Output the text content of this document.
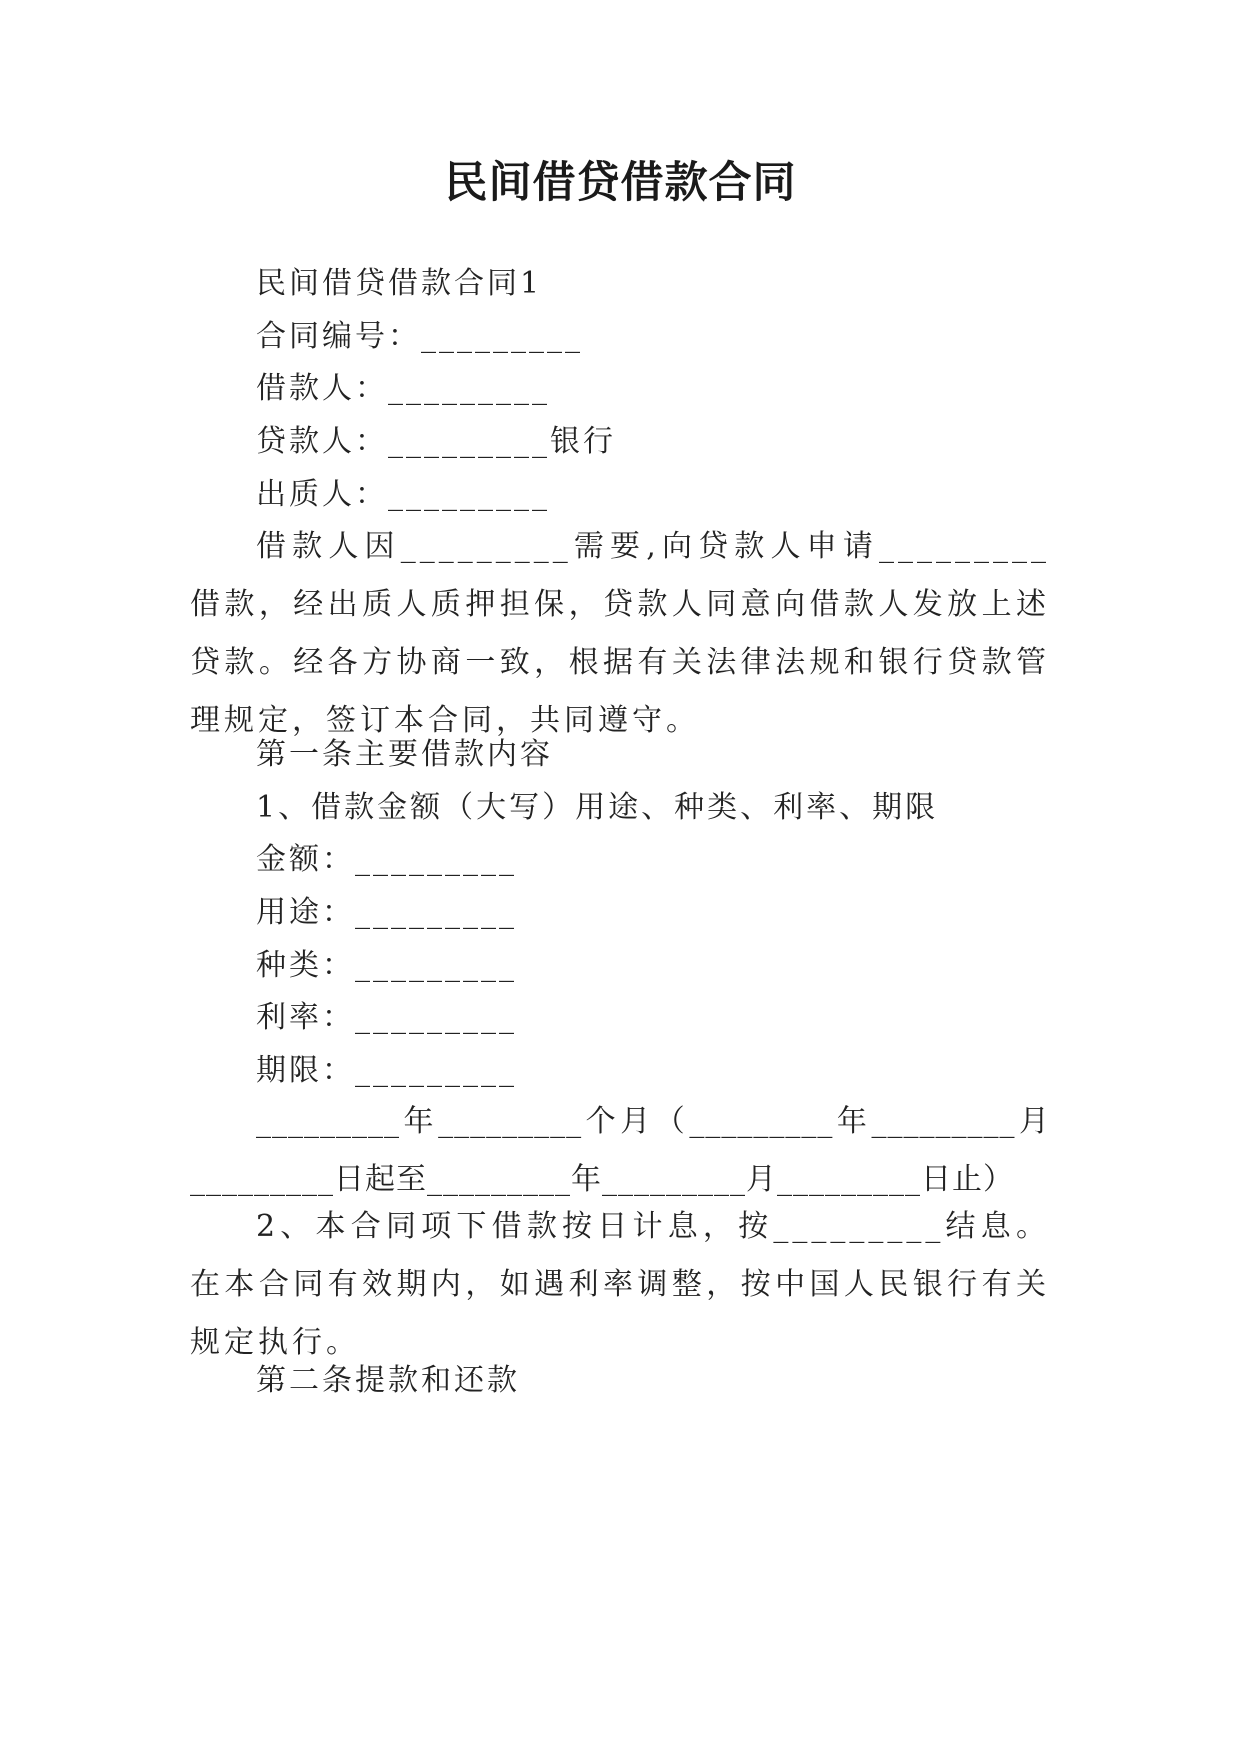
民间借贷借款合同
民间借贷借款合同1
合同编号：_________
借款人：_________
贷款人：_________银行
出质人：_________
借款人因_________需要,向贷款人申请_________借款，经出质人质押担保，贷款人同意向借款人发放上述贷款。经各方协商一致，根据有关法律法规和银行贷款管理规定，签订本合同，共同遵守。
第一条主要借款内容
1、借款金额（大写）用途、种类、利率、期限
金额：_________
用途：_________
种类：_________
利率：_________
期限：_________
_________年_________个月（_________年_________月_________日起至_________年_________月_________日止）
2、本合同项下借款按日计息，按_________结息。在本合同有效期内，如遇利率调整，按中国人民银行有关规定执行。
第二条提款和还款
